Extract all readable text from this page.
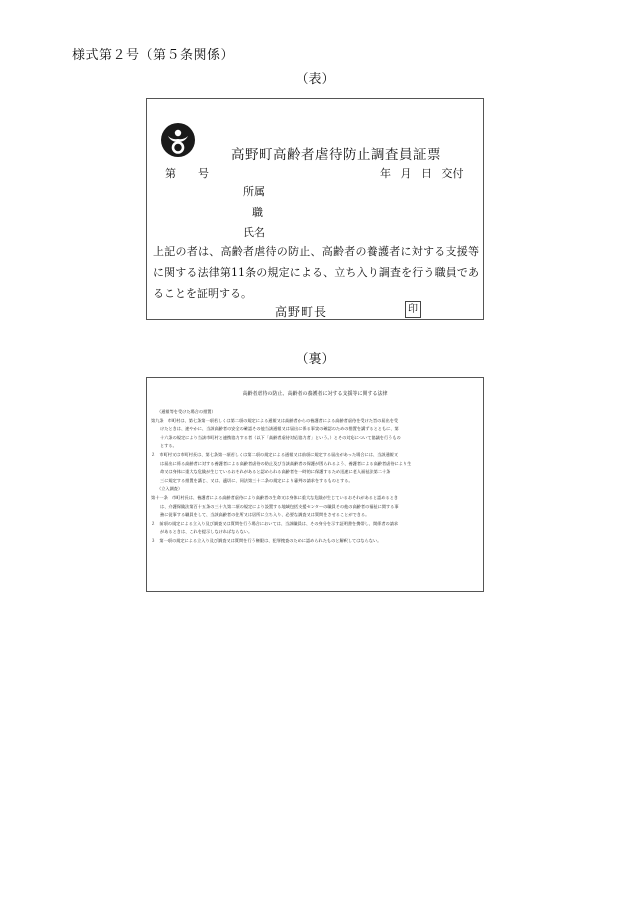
様式第２号（第５条関係）
（表）
高野町高齢者虐待防止調査員証票
第 号	年 月 日 交付
所属
職
氏名

上記の者は、高齢者虐待の防止、高齢者の養護者に対する支援等に関する法律第11条の規定による、立ち入り調査を行う職員であることを証明する。

高野町長	印
（裏）
高齢者虐待の防止、高齢者の養護者に対する支援等に関する法律

（通報等を受けた場合の措置）

第九条　市町村は、第七条第一項若しくは第二項の規定による通報又は高齢者からの養護者による高齢者虐待を受けた旨の届出を受

けたときは、速やかに、当該高齢者の安全の確認その他当該通報又は届出に係る事実の確認のための措置を講ずるとともに、第

十六条の規定により当該市町村と連携協力する者（以下「高齢者虐待対応協力者」という。）とその対応について協議を行うもの

とする。

２　市町村又は市町村長は、第七条第一項若しくは第二項の規定による通報又は前項に規定する届出があった場合には、当該通報又

は届出に係る高齢者に対する養護者による高齢者虐待の防止及び当該高齢者の保護が図られるよう、養護者による高齢者虐待により生

命又は身体に重大な危険が生じているおそれがあると認められる高齢者を一時的に保護するため迅速に老人福祉法第二十条

三に規定する措置を講じ、又は、適切に、同法第三十二条の規定により審判の請求をするものとする。

（立入調査）

第十一条　市町村長は、養護者による高齢者虐待により高齢者の生命又は身体に重大な危険が生じているおそれがあると認めるとき

は、介護保険法第百十五条の三十九第二項の規定により設置する地域包括支援センターの職員その他の高齢者の福祉に関する事

務に従事する職員をして、当該高齢者の住所又は居所に立ち入り、必要な調査又は質問をさせることができる。

２　前項の規定による立入り及び調査又は質問を行う場合においては、当該職員は、その身分を示す証明書を携帯し、関係者の請求

があるときは、これを提示しなければならない。

３　第一項の規定による立入り及び調査又は質問を行う権限は、犯罪捜査のために認められたものと解釈してはならない。
